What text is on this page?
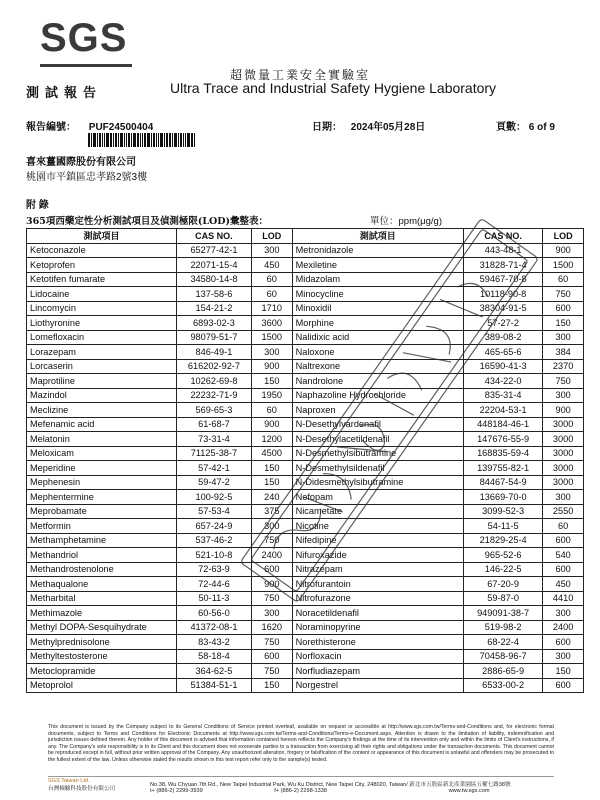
SGS
超微量工業安全實驗室
測試報告	Ultra Trace and Industrial Safety Hygiene Laboratory
報告編號： PUF24500404	日期： 2024年05月28日	頁數： 6 of 9
喜來薑國際股份有限公司
桃園市平鎮區忠孝路2號3樓
附 錄
365項西藥定性分析測試項目及偵測極限(LOD)彙整表：	單位：ppm(μg/g)
測試項目	CAS NO.	LOD	測試項目	CAS NO.	LOD
Ketoconazole	65277-42-1	300	Metronidazole	443-48-1	900
Ketoprofen	22071-15-4	450	Mexiletine	31828-71-4	1500
Ketotifen fumarate	34580-14-8	60	Midazolam	59467-70-8	60
Lidocaine	137-58-6	60	Minocycline	10118-90-8	750
Lincomycin	154-21-2	1710	Minoxidil	38304-91-5	600
Liothyronine	6893-02-3	3600	Morphine	57-27-2	150
Lomefloxacin	98079-51-7	1500	Nalidixic acid	389-08-2	300
Lorazepam	846-49-1	300	Naloxone	465-65-6	384
Lorcaserin	616202-92-7	900	Naltrexone	16590-41-3	2370
Maprotiline	10262-69-8	150	Nandrolone	434-22-0	750
Mazindol	22232-71-9	1950	Naphazoline Hydrochloride	835-31-4	300
Meclizine	569-65-3	60	Naproxen	22204-53-1	900
Mefenamic acid	61-68-7	900	N-Desethylvardenafil	448184-46-1	3000
Melatonin	73-31-4	1200	N-Desethylacetildenafil	147676-55-9	3000
Meloxicam	71125-38-7	4500	N-Desmethylsibutramine	168835-59-4	3000
Meperidine	57-42-1	150	N-Desmethylsildenafil	139755-82-1	3000
Mephenesin	59-47-2	150	N-Didesmethylsibutramine	84467-54-9	3000
Mephentermine	100-92-5	240	Nefopam	13669-70-0	300
Meprobamate	57-53-4	375	Nicametate	3099-52-3	2550
Metformin	657-24-9	300	Nicotine	54-11-5	60
Methamphetamine	537-46-2	750	Nifedipine	21829-25-4	600
Methandriol	521-10-8	2400	Nifuroxazide	965-52-6	540
Methandrostenolone	72-63-9	600	Nitrazepam	146-22-5	600
Methaqualone	72-44-6	900	Nitrofurantoin	67-20-9	450
Metharbital	50-11-3	750	Nitrofurazone	59-87-0	4410
Methimazole	60-56-0	300	Noracetildenafil	949091-38-7	300
Methyl DOPA-Sesquihydrate	41372-08-1	1620	Noraminopyrine	519-98-2	2400
Methylprednisolone	83-43-2	750	Norethisterone	68-22-4	600
Methyltestosterone	58-18-4	600	Norfloxacin	70458-96-7	300
Metoclopramide	364-62-5	750	Norfludiazepam	2886-65-9	150
Metoprolol	51384-51-1	150	Norgestrel	6533-00-2	600
This document is issued by the Company subject to its General Conditions of Service printed overleaf, available on request or accessible at http://www.sgs.com.tw/Terms-and-Conditions and, for electronic format documents, subject to Terms and Conditions for Electronic Documents at http://www.sgs.com.tw/Terms-and-Conditions/Terms-e-Document.aspx. Attention is drawn to the limitation of liability, indemnification and jurisdiction issues defined therein. Any holder of this document is advised that information contained hereon reflects the Company's findings at the time of its intervention only and within the limits of Client's instructions, if any. The Company's sole responsibility is to its Client and this document does not exonerate parties to a transaction from exercising all their rights and obligations under the transaction documents. This document cannot be reproduced except in full, without prior written approval of the Company. Any unauthorized alteration, forgery or falsification of the content or appearance of this document is unlawful and offenders may be prosecuted to the fullest extent of the law. Unless otherwise stated the results shown in this test report refer only to the sample(s) tested.
SGS Taiwan Ltd.
台灣檢驗科技股份有限公司
No.38, Wu Chyuan 7th Rd., New Taipei Industrial Park, Wu Ku District, New Taipei City, 248020, Taiwan/ 新北市五股區新北產業園區五權七路38號
t+ (886-2) 2299-3939	f+ (886-2) 2298-1338	www.tw.sgs.com
